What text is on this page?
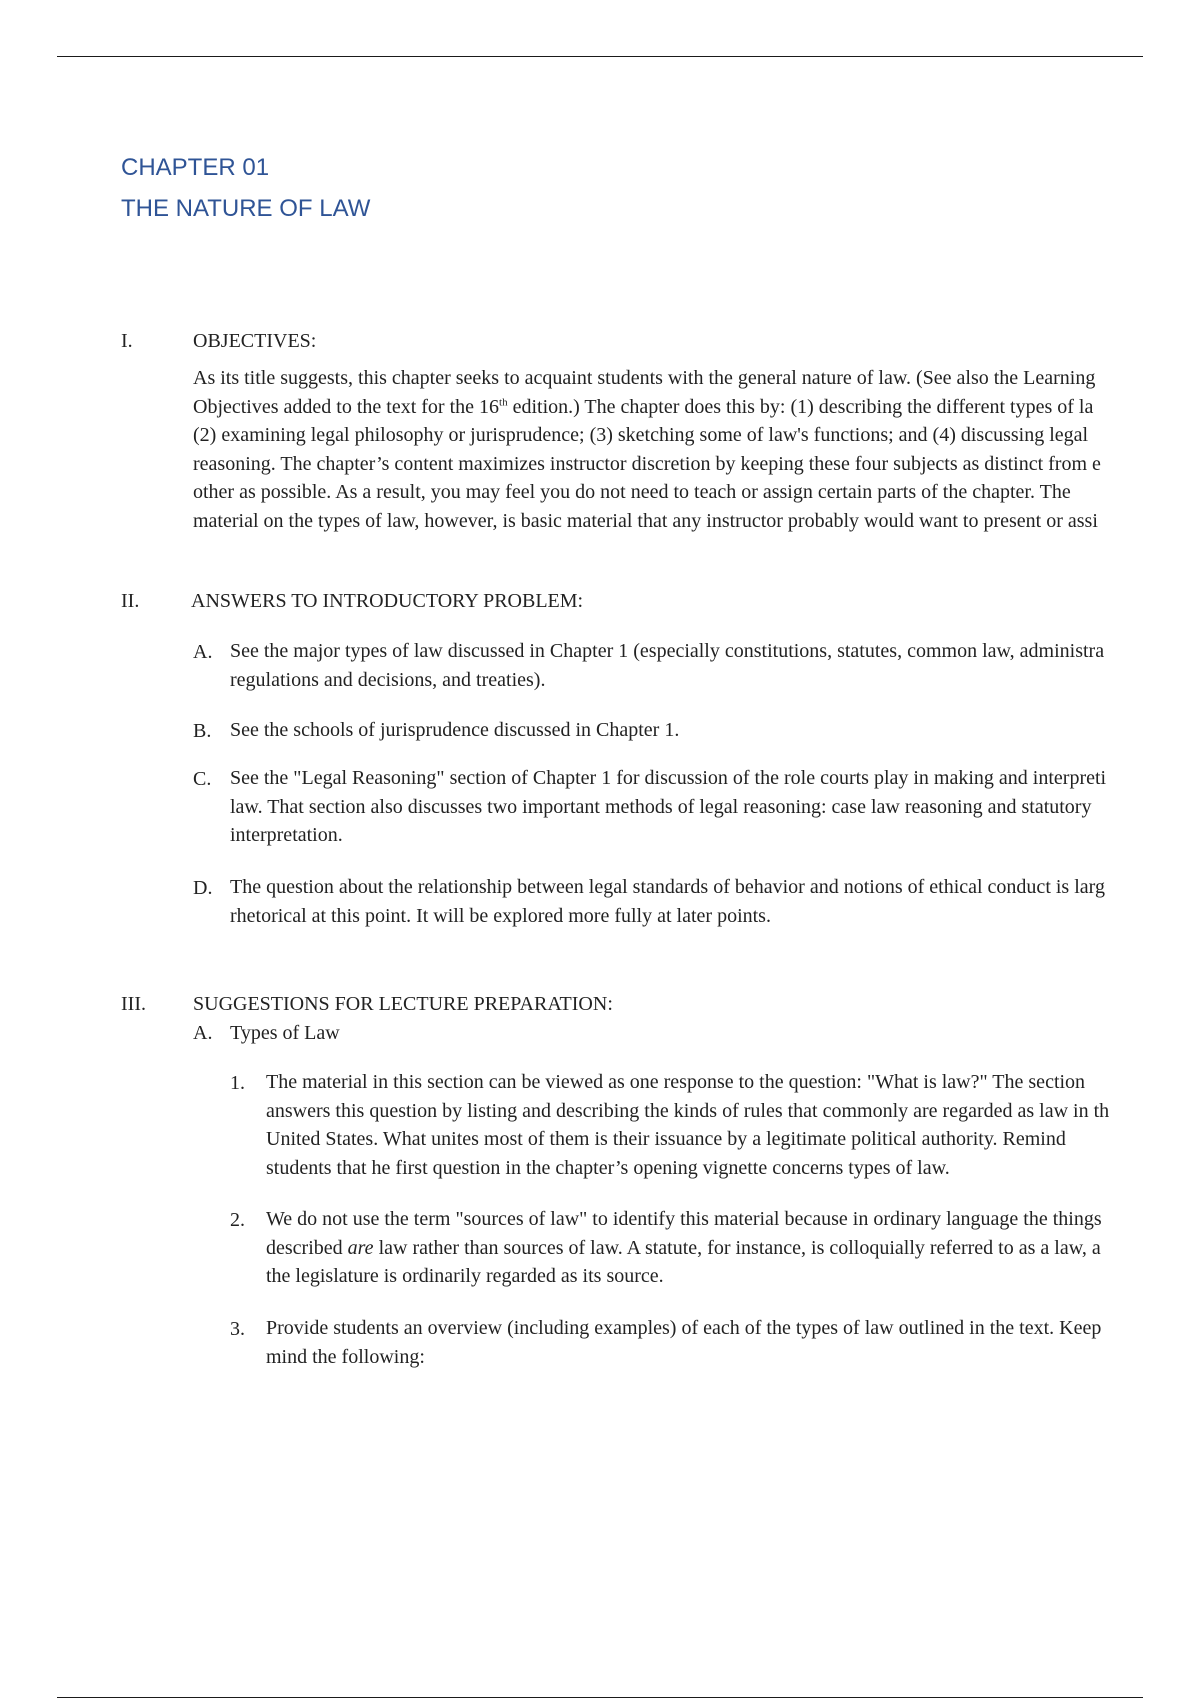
CHAPTER 01
THE NATURE OF LAW
I.	OBJECTIVES:
As its title suggests, this chapter seeks to acquaint students with the general nature of law. (See also the Learning
Objectives added to the text for the 16th edition.) The chapter does this by: (1) describing the different types of la
(2) examining legal philosophy or jurisprudence; (3) sketching some of law's functions; and (4) discussing legal
reasoning. The chapter’s content maximizes instructor discretion by keeping these four subjects as distinct from e
other as possible. As a result, you may feel you do not need to teach or assign certain parts of the chapter. The
material on the types of law, however, is basic material that any instructor probably would want to present or assi
II.	ANSWERS TO INTRODUCTORY PROBLEM:
A. See the major types of law discussed in Chapter 1 (especially constitutions, statutes, common law, administra
regulations and decisions, and treaties).
B. See the schools of jurisprudence discussed in Chapter 1.
C. See the "Legal Reasoning" section of Chapter 1 for discussion of the role courts play in making and interpreti
law. That section also discusses two important methods of legal reasoning: case law reasoning and statutory
interpretation.
D. The question about the relationship between legal standards of behavior and notions of ethical conduct is larg
rhetorical at this point. It will be explored more fully at later points.
III. SUGGESTIONS FOR LECTURE PREPARATION:
A. Types of Law
1. The material in this section can be viewed as one response to the question: "What is law?" The section
answers this question by listing and describing the kinds of rules that commonly are regarded as law in th
United States. What unites most of them is their issuance by a legitimate political authority. Remind
students that he first question in the chapter’s opening vignette concerns types of law.
2. We do not use the term "sources of law" to identify this material because in ordinary language the things
described are law rather than sources of law. A statute, for instance, is colloquially referred to as a law, a
the legislature is ordinarily regarded as its source.
3. Provide students an overview (including examples) of each of the types of law outlined in the text. Keep
mind the following:
